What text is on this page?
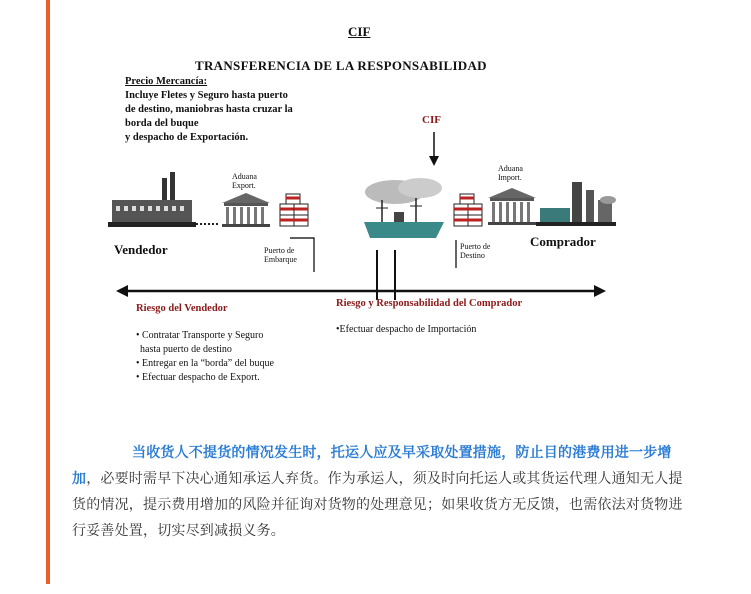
CIF
TRANSFERENCIA DE LA RESPONSABILIDAD
Precio Mercancía:
Incluye Fletes y Seguro hasta puerto
de destino, maniobras hasta cruzar la
borda del buque
y despacho de Exportación.
CIF
Aduana
Export.
Aduana
Import.
Puerto de
Embarque
Puerto de
Destino
Vendedor
Comprador
Riesgo del Vendedor	Riesgo y Responsabilidad del Comprador
• Contratar Transporte y Seguro
hasta puerto de destino
• Entregar en la “borda” del buque
• Efectuar despacho de Export.
•Efectuar despacho de Importación
当收货人不提货的情况发生时，托运人应及早采取处置措施，防止目的港费用进一步增加，必要时需早下决心通知承运人弃货。作为承运人，须及时向托运人或其货运代理人通知无人提货的情况，提示费用增加的风险并征询对货物的处理意见；如果收货方无反馈，也需依法对货物进行妥善处置，切实尽到减损义务。
